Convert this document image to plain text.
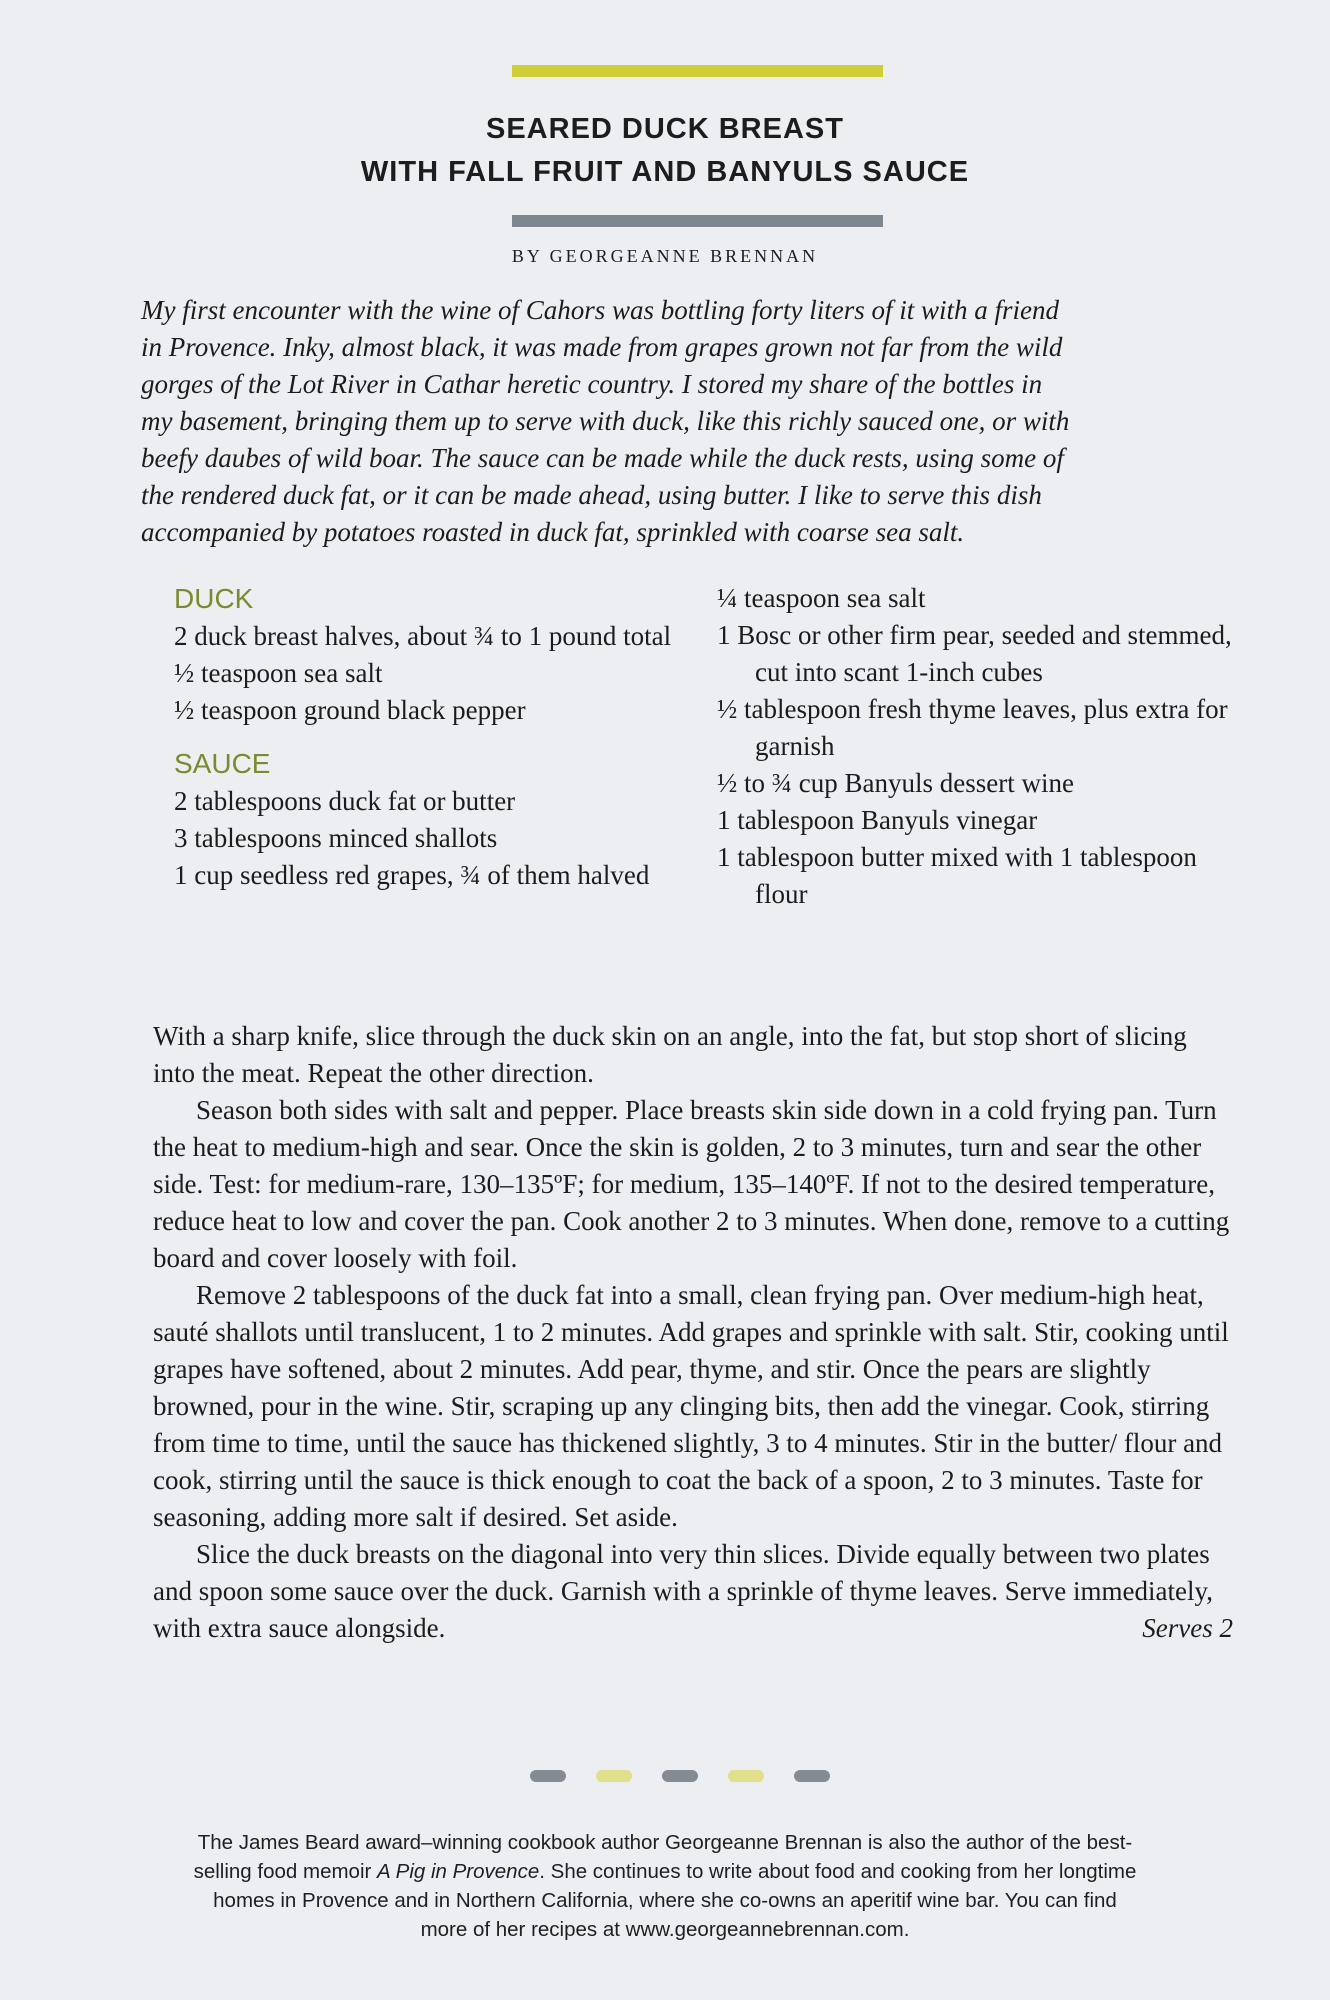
SEARED DUCK BREAST
WITH FALL FRUIT AND BANYULS SAUCE
BY GEORGEANNE BRENNAN
My first encounter with the wine of Cahors was bottling forty liters of it with a friend
in Provence. Inky, almost black, it was made from grapes grown not far from the wild
gorges of the Lot River in Cathar heretic country. I stored my share of the bottles in
my basement, bringing them up to serve with duck, like this richly sauced one, or with
beefy daubes of wild boar. The sauce can be made while the duck rests, using some of
the rendered duck fat, or it can be made ahead, using butter. I like to serve this dish
accompanied by potatoes roasted in duck fat, sprinkled with coarse sea salt.
DUCK
2 duck breast halves, about ¾ to 1 pound total
½ teaspoon sea salt
½ teaspoon ground black pepper
SAUCE
2 tablespoons duck fat or butter
3 tablespoons minced shallots
1 cup seedless red grapes, ¾ of them halved
¼ teaspoon sea salt
1 Bosc or other firm pear, seeded and stemmed, cut into scant 1-inch cubes
½ tablespoon fresh thyme leaves, plus extra for garnish
½ to ¾ cup Banyuls dessert wine
1 tablespoon Banyuls vinegar
1 tablespoon butter mixed with 1 tablespoon flour

With a sharp knife, slice through the duck skin on an angle, into the fat, but stop short of slicing into the meat. Repeat the other direction.

Season both sides with salt and pepper. Place breasts skin side down in a cold frying pan. Turn the heat to medium-high and sear. Once the skin is golden, 2 to 3 minutes, turn and sear the other side. Test: for medium-rare, 130–135ºF; for medium, 135–140ºF. If not to the desired temperature, reduce heat to low and cover the pan. Cook another 2 to 3 minutes. When done, remove to a cutting board and cover loosely with foil.

Remove 2 tablespoons of the duck fat into a small, clean frying pan. Over medium-high heat, sauté shallots until translucent, 1 to 2 minutes. Add grapes and sprinkle with salt. Stir, cooking until grapes have softened, about 2 minutes. Add pear, thyme, and stir. Once the pears are slightly browned, pour in the wine. Stir, scraping up any clinging bits, then add the vinegar. Cook, stirring from time to time, until the sauce has thickened slightly, 3 to 4 minutes. Stir in the butter/ flour and cook, stirring until the sauce is thick enough to coat the back of a spoon, 2 to 3 minutes. Taste for seasoning, adding more salt if desired. Set aside.

Slice the duck breasts on the diagonal into very thin slices. Divide equally between two plates and spoon some sauce over the duck. Garnish with a sprinkle of thyme leaves. Serve immediately, with extra sauce alongside.	Serves 2

The James Beard award–winning cookbook author Georgeanne Brennan is also the author of the best-selling food memoir A Pig in Provence. She continues to write about food and cooking from her longtime homes in Provence and in Northern California, where she co-owns an aperitif wine bar. You can find more of her recipes at www.georgeannebrennan.com.
